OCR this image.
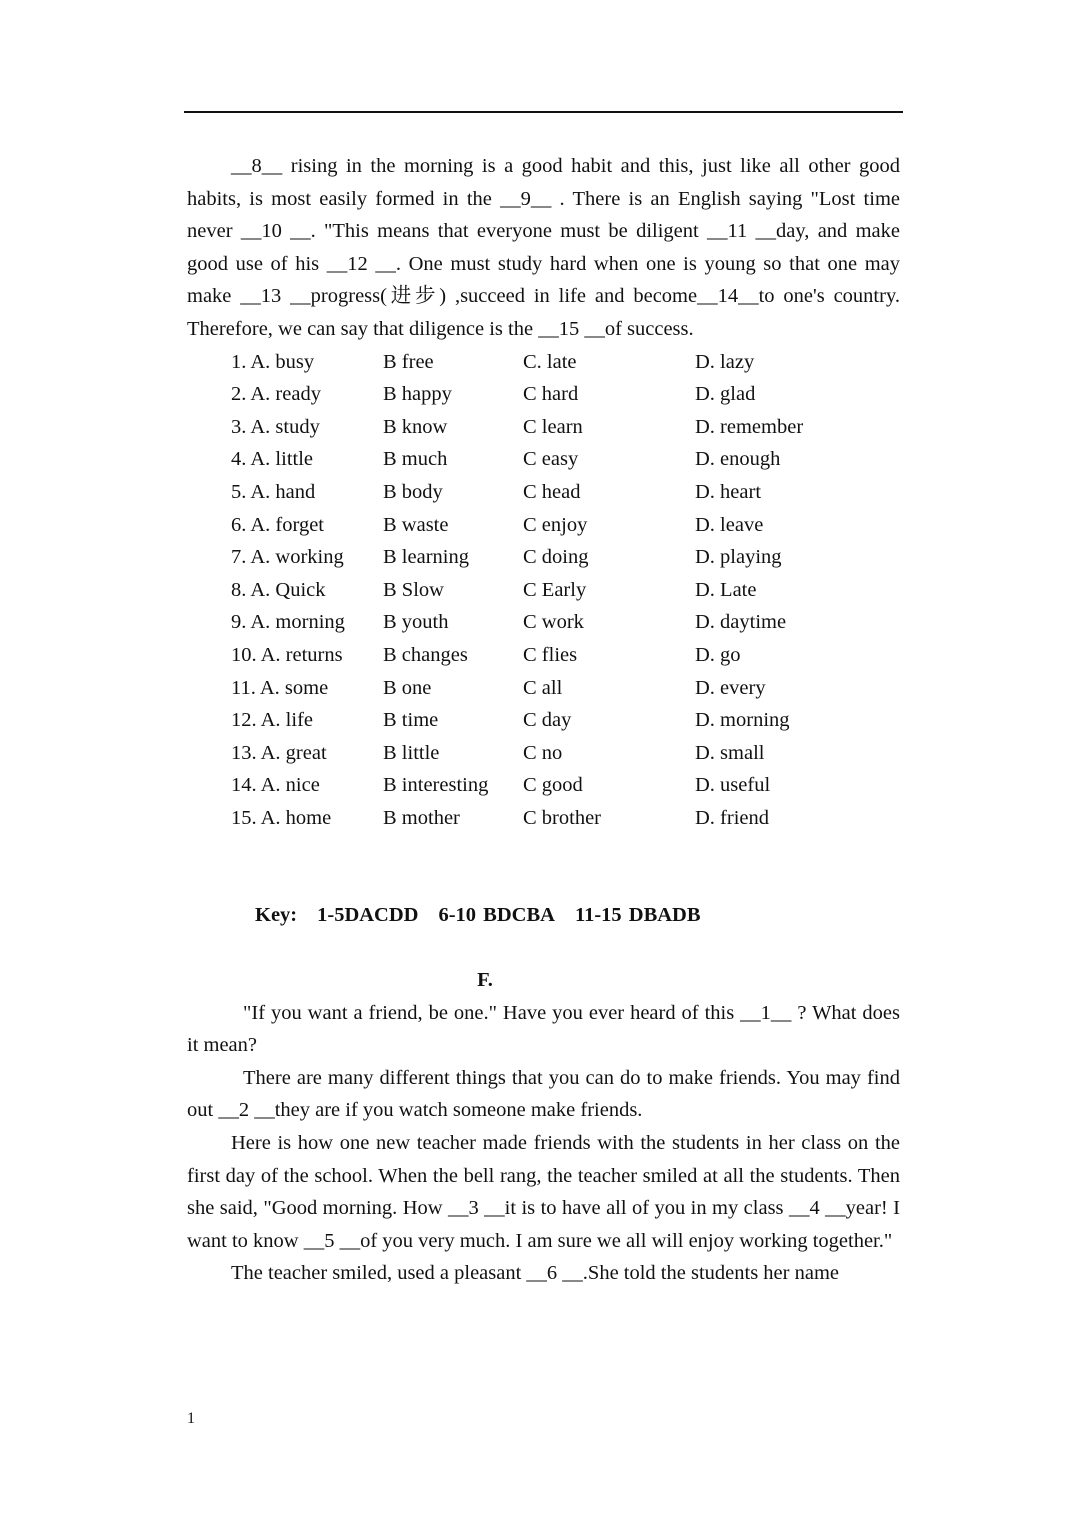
__8__ rising in the morning is a good habit and this, just like all other good habits, is most easily formed in the __9__ . There is an English saying "Lost time never __10 __. "This means that everyone must be diligent __11 __day, and make good use of his __12 __. One must study hard when one is young so that one may make __13 __progress(进步) ,succeed in life and become__14__to one's country. Therefore, we can say that diligence is the __15 __of success.

1. A. busy	B free	C. late	D. lazy
2. A. ready	B happy	C hard	D. glad
3. A. study	B know	C learn	D. remember
4. A. little	B much	C easy	D. enough
5. A. hand	B body	C head	D. heart
6. A. forget	B waste	C enjoy	D. leave
7. A. working B learning	C doing	D. playing
8. A. Quick	B Slow	C Early	D. Late
9. A. morning B youth	C work	D. daytime
10. A. returns B changes	C flies	D. go
11. A. some	B one	C all	D. every
12. A. life	B time	C day	D. morning
13. A. great	B little	C no	D. small
14. A. nice	B interesting C good	D. useful
15. A. home	B mother	C brother	D. friend

Key: 1-5DACDD 6-10 BDCBA 11-15 DBADB

F.

"If you want a friend, be one." Have you ever heard of this __1__ ? What does it mean?

There are many different things that you can do to make friends. You may find out __2 __they are if you watch someone make friends.

Here is how one new teacher made friends with the students in her class on the first day of the school. When the bell rang, the teacher smiled at all the students. Then she said, "Good morning. How __3 __it is to have all of you in my class __4 __year! I want to know __5 __of you very much. I am sure we all will enjoy working together."

The teacher smiled, used a pleasant __6 __.She told the students her name

1
